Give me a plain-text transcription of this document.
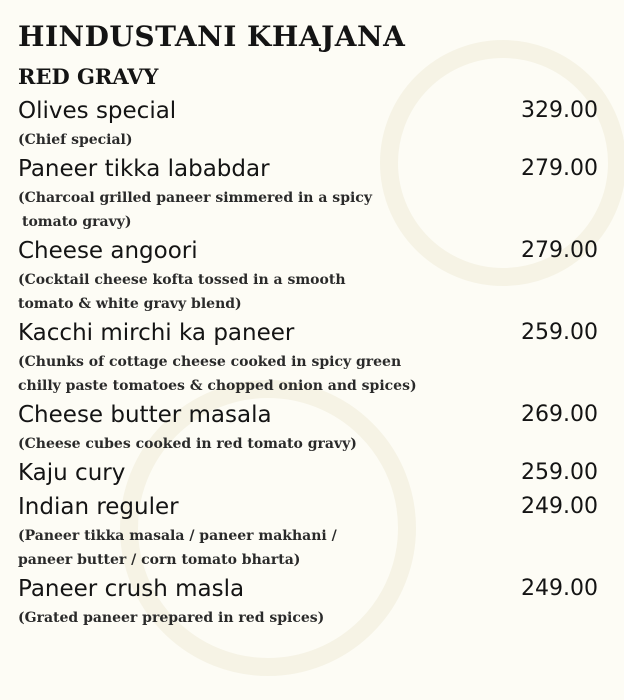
HINDUSTANI KHAJANA
RED GRAVY
Olives special	329.00
(Chief special)
Paneer tikka lababdar	279.00
(Charcoal grilled paneer simmered in a spicy
tomato gravy)
Cheese angoori	279.00
(Cocktail cheese kofta tossed in a smooth
tomato & white gravy blend)
Kacchi mirchi ka paneer	259.00
(Chunks of cottage cheese cooked in spicy green
chilly paste tomatoes & chopped onion and spices)
Cheese butter masala	269.00
(Cheese cubes cooked in red tomato gravy)
Kaju cury	259.00
Indian reguler	249.00
(Paneer tikka masala / paneer makhani /
paneer butter / corn tomato bharta)
Paneer crush masla	249.00
(Grated paneer prepared in red spices)
